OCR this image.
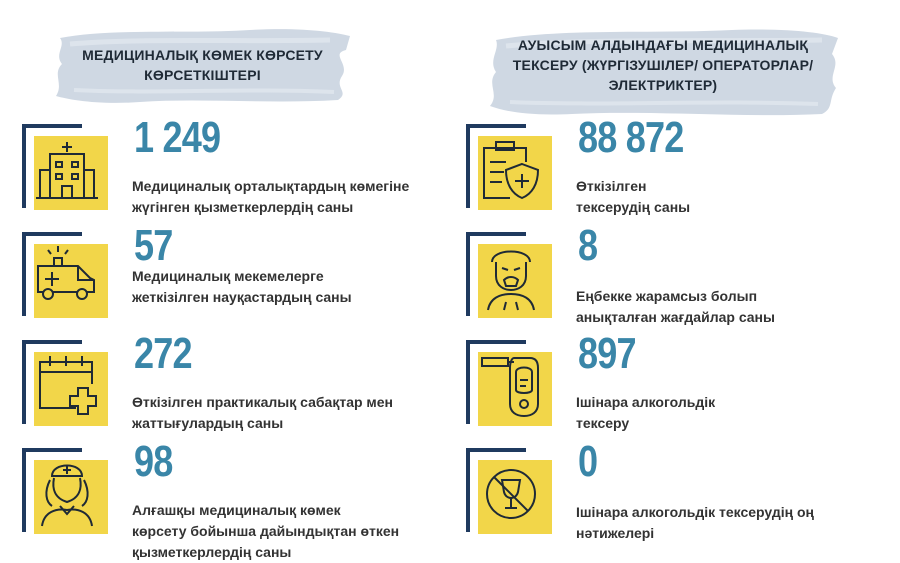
МЕДИЦИНАЛЫҚ КӨМЕК КӨРСЕТУ
КӨРСЕТКІШТЕРІ
АУЫСЫМ АЛДЫНДАҒЫ МЕДИЦИНАЛЫҚ
ТЕКСЕРУ (ЖҮРГІЗУШІЛЕР/ ОПЕРАТОРЛАР/
ЭЛЕКТРИКТЕР)
1 249
Медициналық орталықтардың көмегіне
жүгінген қызметкерлердің саны
57
Медициналық мекемелерге
жеткізілген науқастардың саны
272
Өткізілген практикалық сабақтар мен
жаттығулардың саны
98
Алғашқы медициналық көмек
көрсету бойынша дайындықтан өткен
қызметкерлердің саны
88 872
Өткізілген
тексерудің саны
8
Еңбекке жарамсыз болып
анықталған жағдайлар саны
897
Ішінара алкогольдік
тексеру
0
Ішінара алкогольдік тексерудің оң
нәтижелері
